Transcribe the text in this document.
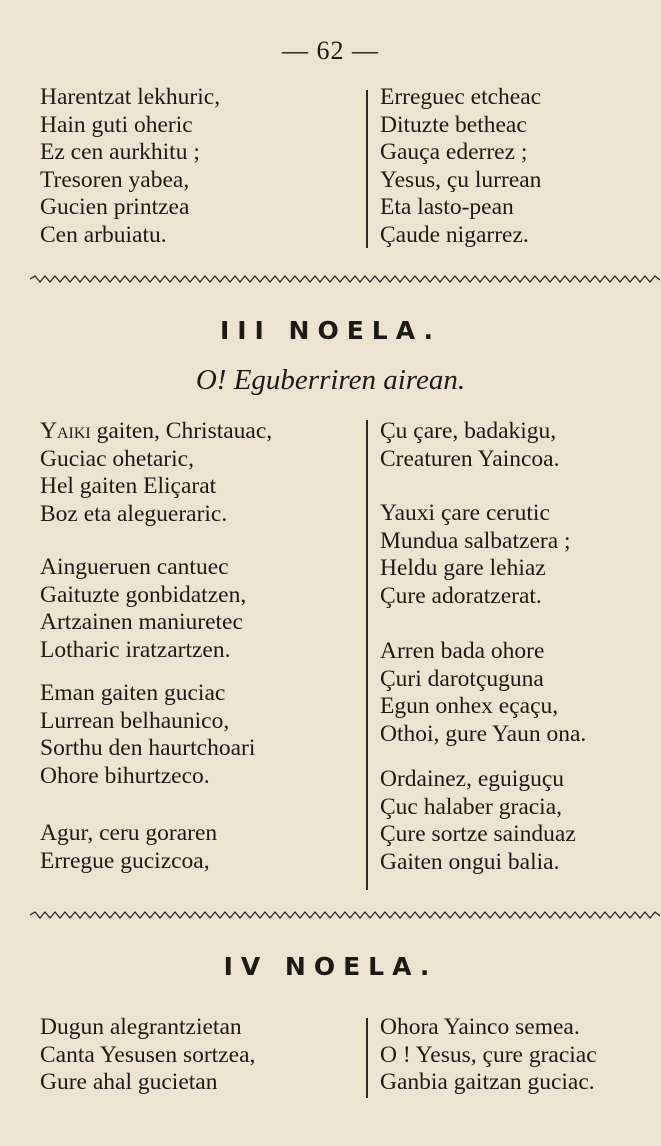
— 62 —
Harentzat lekhuric,
Hain guti oheric
Ez cen aurkhitu ;
Tresoren yabea,
Gucien printzea
Cen arbuiatu.
Erreguec etcheac
Dituzte betheac
Gauça ederrez ;
Yesus, çu lurrean
Eta lasto-pean
Çaude nigarrez.
III NOELA.
O! Eguberriren airean.
Yaiki gaiten, Christauac,
Guciac ohetaric,
Hel gaiten Eliçarat
Boz eta alegueraric.
Aingueruen cantuec
Gaituzte gonbidatzen,
Artzainen maniuretec
Lotharic iratzartzen.
Eman gaiten guciac
Lurrean belhaunico,
Sorthu den haurtchoari
Ohore bihurtzeco.
Agur, ceru goraren
Erregue gucizcoa,
Çu çare, badakigu,
Creaturen Yaincoa.
Yauxi çare cerutic
Mundua salbatzera ;
Heldu gare lehiaz
Çure adoratzerat.
Arren bada ohore
Çuri darotçuguna
Egun onhex eçaçu,
Othoi, gure Yaun ona.
Ordainez, eguiguçu
Çuc halaber gracia,
Çure sortze sainduaz
Gaiten ongui balia.
IV NOELA.
Dugun alegrantzietan
Canta Yesusen sortzea,
Gure ahal gucietan
Ohora Yainco semea.
O ! Yesus, çure graciac
Ganbia gaitzan guciac.
